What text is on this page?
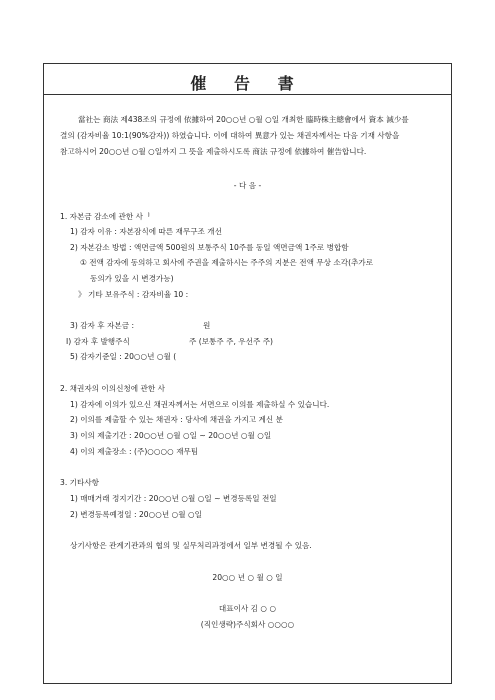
催 告 書
當社는 商法 제438조의 규정에 依據하여 20○○년 ○월 ○일 개최한 臨時株主總會에서 資本 減少를
결의 (감자비율 10:1(90%감자)) 하였습니다. 이에 대하여 異意가 있는 채권자께서는 다음 기재 사항을
참고하시어 20○○년 ○월 ○일까지 그 뜻을 제출하시도록 商法 규정에 依據하여 催告합니다.
- 다 음 -
1. 자본금 감소에 관한 사ᅵ
1) 감자 이유 : 자본잠식에 따른 재무구조 개선
2) 자본감소 방법 : 액면금액 500원의 보통주식 10주를 동일 액면금액 1주로 병합함
① 전액 감자에 동의하고 회사에 주권을 제출하시는 주주의 지분은 전액 무상 소각(추가로
동의가 있을 시 변경가능)
》 기타 보유주식 : 감자비율 10 :
3) 감자 후 자본금 :	원
I) 감자 후 발행주식	주 (보통주 주, 우선주 주)
5) 감자기준일 : 20○○년 ○월 (
2. 채권자의 이의신청에 관한 사
1) 감자에 이의가 있으신 채권자께서는 서면으로 이의를 제출하실 수 있습니다.
2) 이의를 제출할 수 있는 채권자 : 당사에 채권을 가지고 계신 분
3) 이의 제출기간 : 20○○년 ○월 ○일 ~ 20○○년 ○월 ○일
4) 이의 제출장소 : (주)○○○○ 재무팀
3. 기타사항
1) 매매거래 정지기간 : 20○○년 ○월 ○일 ~ 변경등록일 전일
2) 변경등록예정일 : 20○○년 ○월 ○일
상기사항은 관계기관과의 협의 및 실무처리과정에서 일부 변경될 수 있음.
20○○ 년 ○ 월 ○ 일
대표이사 김 ○ ○
(직인생략)주식회사 ○○○○
